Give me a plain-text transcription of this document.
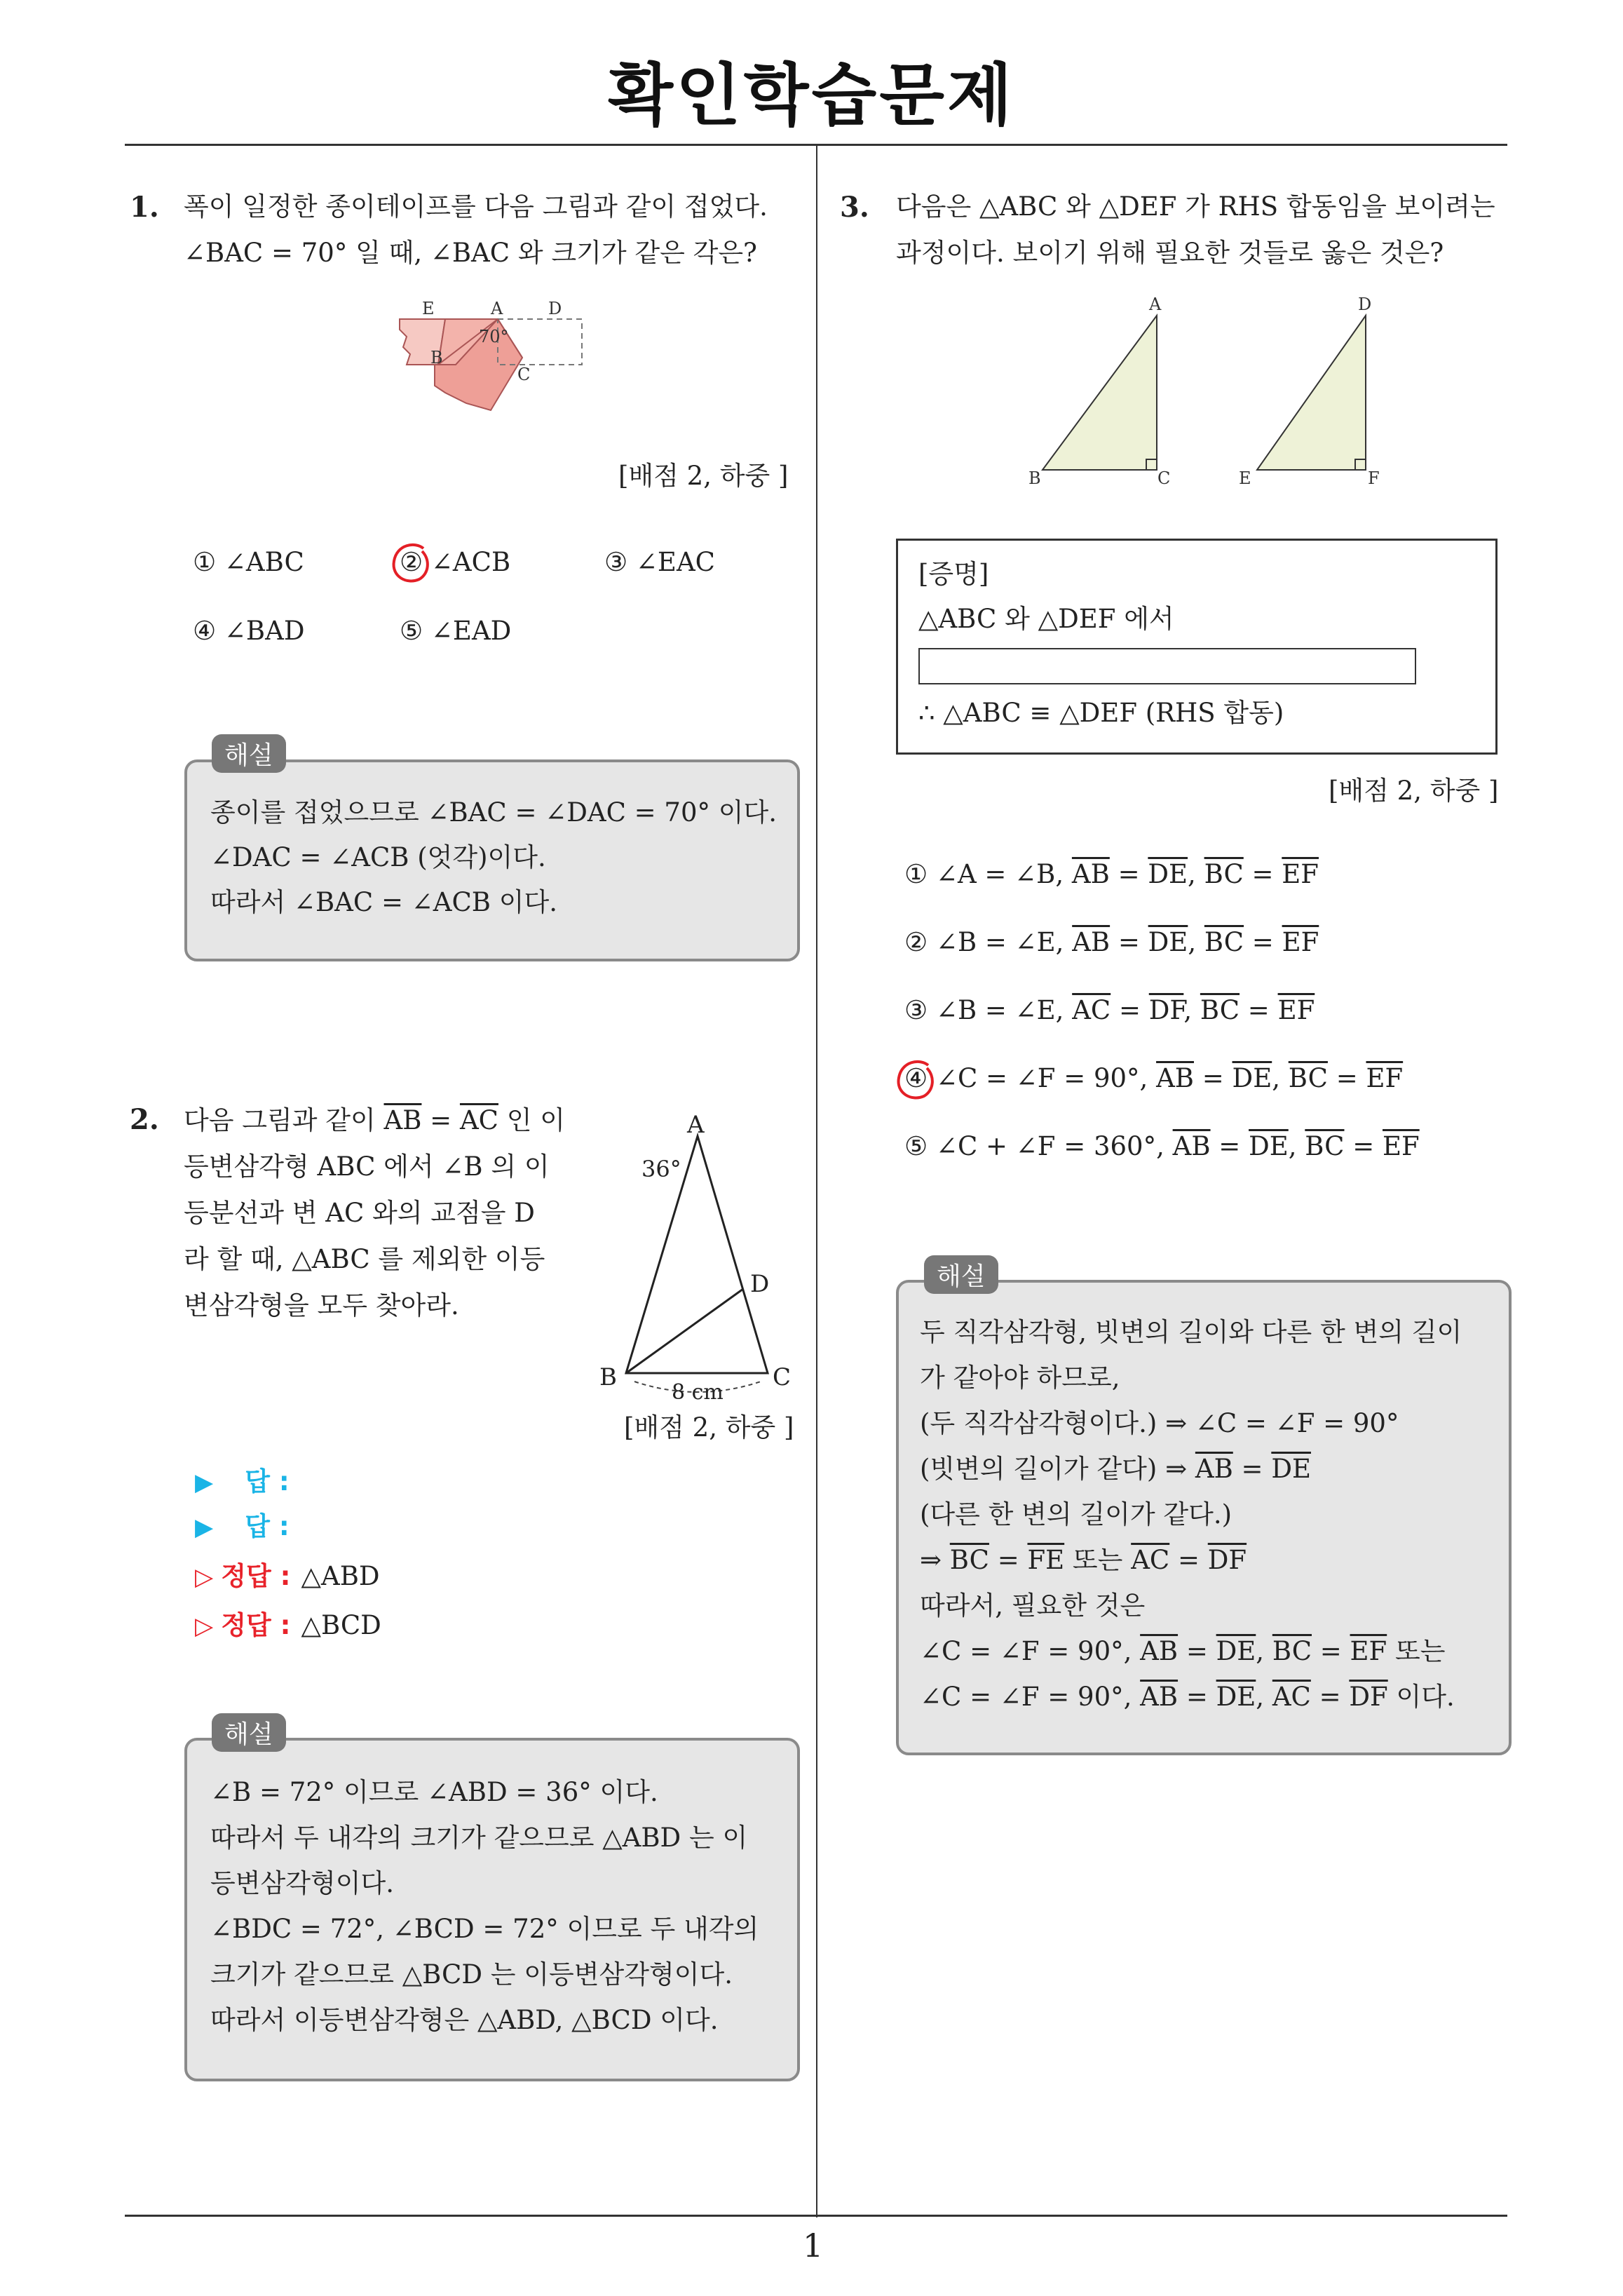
확인학습문제
1
1. 폭이 일정한 종이테이프를 다음 그림과 같이 접었다.
∠BAC = 70° 일 때, ∠BAC 와 크기가 같은 각은?
E	A	D
B
C
70°
[배점 2, 하중 ]
① ∠ABC	② ∠ACB	③ ∠EAC
④ ∠BAD	⑤ ∠EAD
해설
종이를 접었으므로 ∠BAC = ∠DAC = 70° 이다.
∠DAC = ∠ACB (엇각)이다.
따라서 ∠BAC = ∠ACB 이다.
2. 다음 그림과 같이 $\overline{AB} = \overline{AC}$ 인 이
등변삼각형 ABC 에서 ∠B 의 이
등분선과 변 AC 와의 교점을 D
라 할 때, △ABC 를 제외한 이등
변삼각형을 모두 찾아라.
A
B	C
D
36°
8 cm
[배점 2, 하중 ]
▶ 답 :
▶ 답 :
▷ 정답 : △ABD
▷ 정답 : △BCD
해설
∠B = 72° 이므로 ∠ABD = 36° 이다.
따라서 두 내각의 크기가 같으므로 △ABD 는 이
등변삼각형이다.
∠BDC = 72°, ∠BCD = 72° 이므로 두 내각의
크기가 같으므로 △BCD 는 이등변삼각형이다.
따라서 이등변삼각형은 △ABD, △BCD 이다.
3. 다음은 △ABC 와 △DEF 가 RHS 합동임을 보이려는
과정이다. 보이기 위해 필요한 것들로 옳은 것은?
A
B	C
D
E	F
[증명]
△ABC 와 △DEF 에서
∴ △ABC ≡ △DEF (RHS 합동)
[배점 2, 하중 ]
① ∠A = ∠B, $\overline{AB} = \overline{DE}$, $\overline{BC} = \overline{EF}$
② ∠B = ∠E, $\overline{AB} = \overline{DE}$, $\overline{BC} = \overline{EF}$
③ ∠B = ∠E, $\overline{AC} = \overline{DF}$, $\overline{BC} = \overline{EF}$
④ ∠C = ∠F = 90°, $\overline{AB} = \overline{DE}$, $\overline{BC} = \overline{EF}$
⑤ ∠C + ∠F = 360°, $\overline{AB} = \overline{DE}$, $\overline{BC} = \overline{EF}$
해설
두 직각삼각형, 빗변의 길이와 다른 한 변의 길이
가 같아야 하므로,
(두 직각삼각형이다.) ⇒ ∠C = ∠F = 90°
(빗변의 길이가 같다) ⇒ $\overline{AB} = \overline{DE}$
(다른 한 변의 길이가 같다.)
⇒ $\overline{BC} = \overline{FE}$ 또는 $\overline{AC} = \overline{DF}$
따라서, 필요한 것은
∠C = ∠F = 90°, $\overline{AB} = \overline{DE}$, $\overline{BC} = \overline{EF}$ 또는
∠C = ∠F = 90°, $\overline{AB} = \overline{DE}$, $\overline{AC} = \overline{DF}$ 이다.
